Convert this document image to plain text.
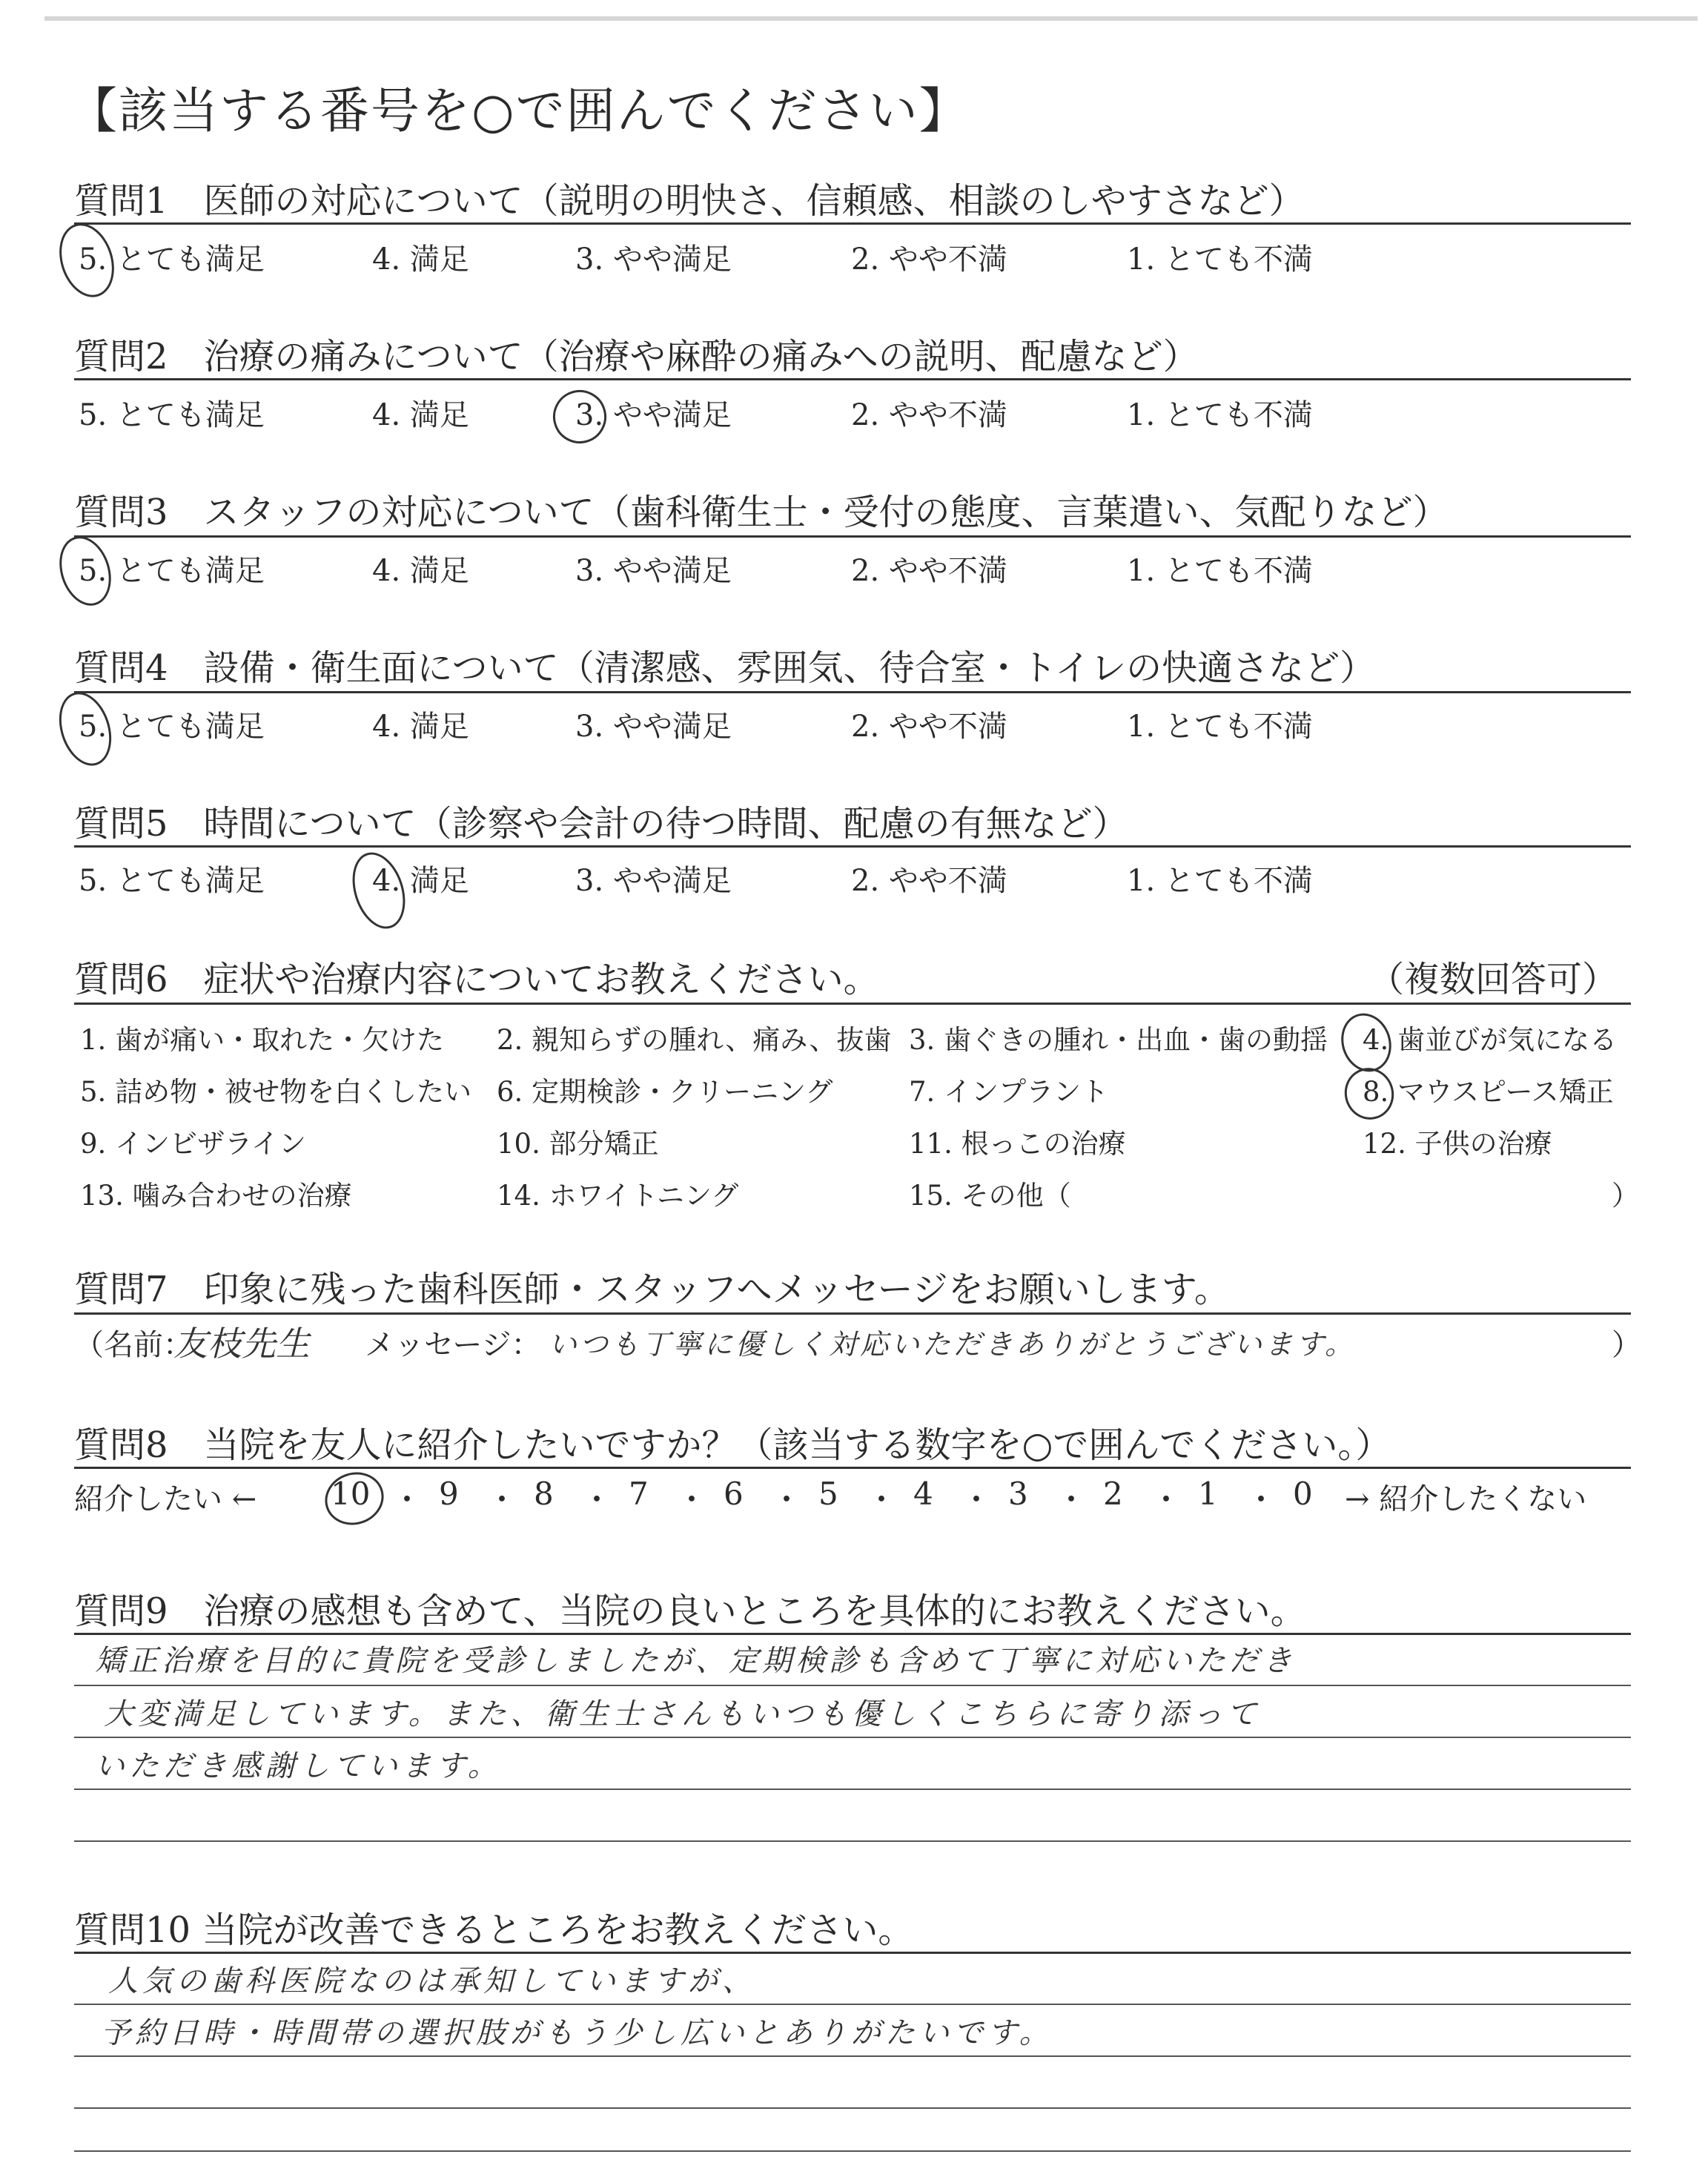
【該当する番号を○で囲んでください】
質問1　医師の対応について（説明の明快さ、信頼感、相談のしやすさなど）
5. とても満足	4. 満足	3. やや満足	2. やや不満	1. とても不満
質問2　治療の痛みについて（治療や麻酔の痛みへの説明、配慮など）
5. とても満足	4. 満足	3. やや満足	2. やや不満	1. とても不満
質問3　スタッフの対応について（歯科衛生士・受付の態度、言葉遣い、気配りなど）
5. とても満足	4. 満足	3. やや満足	2. やや不満	1. とても不満
質問4　設備・衛生面について（清潔感、雰囲気、待合室・トイレの快適さなど）
5. とても満足	4. 満足	3. やや満足	2. やや不満	1. とても不満
質問5　時間について（診察や会計の待つ時間、配慮の有無など）
5. とても満足	4. 満足	3. やや満足	2. やや不満	1. とても不満
質問6　症状や治療内容についてお教えください。	（複数回答可）
1. 歯が痛い・取れた・欠けた 2. 親知らずの腫れ、痛み、抜歯 3. 歯ぐきの腫れ・出血・歯の動揺 4. 歯並びが気になる
5. 詰め物・被せ物を白くしたい 6. 定期検診・クリーニング	7. インプラント	8. マウスピース矯正
9. インビザライン	10. 部分矯正	11. 根っこの治療	12. 子供の治療
13. 噛み合わせの治療	14. ホワイトニング	15. その他（	）
質問7　印象に残った歯科医師・スタッフへメッセージをお願いします。
（名前：
友枝先生 メッセージ： いつも丁寧に優しく対応いただきありがとうございます。	）
質問8　当院を友人に紹介したいですか？（該当する数字を○で囲んでください。）
紹介したい ← 10 ・ 9 ・ 8 ・ 7 ・ 6 ・ 5 ・ 4 ・ 3 ・ 2 ・ 1 ・ 0 → 紹介したくない
質問9　治療の感想も含めて、当院の良いところを具体的にお教えください。
矯正治療を目的に貴院を受診しましたが、定期検診も含めて丁寧に対応いただき
大変満足しています。また、衛生士さんもいつも優しくこちらに寄り添って
いただき感謝しています。
質問10 当院が改善できるところをお教えください。
人気の歯科医院なのは承知していますが、
予約日時・時間帯の選択肢がもう少し広いとありがたいです。
